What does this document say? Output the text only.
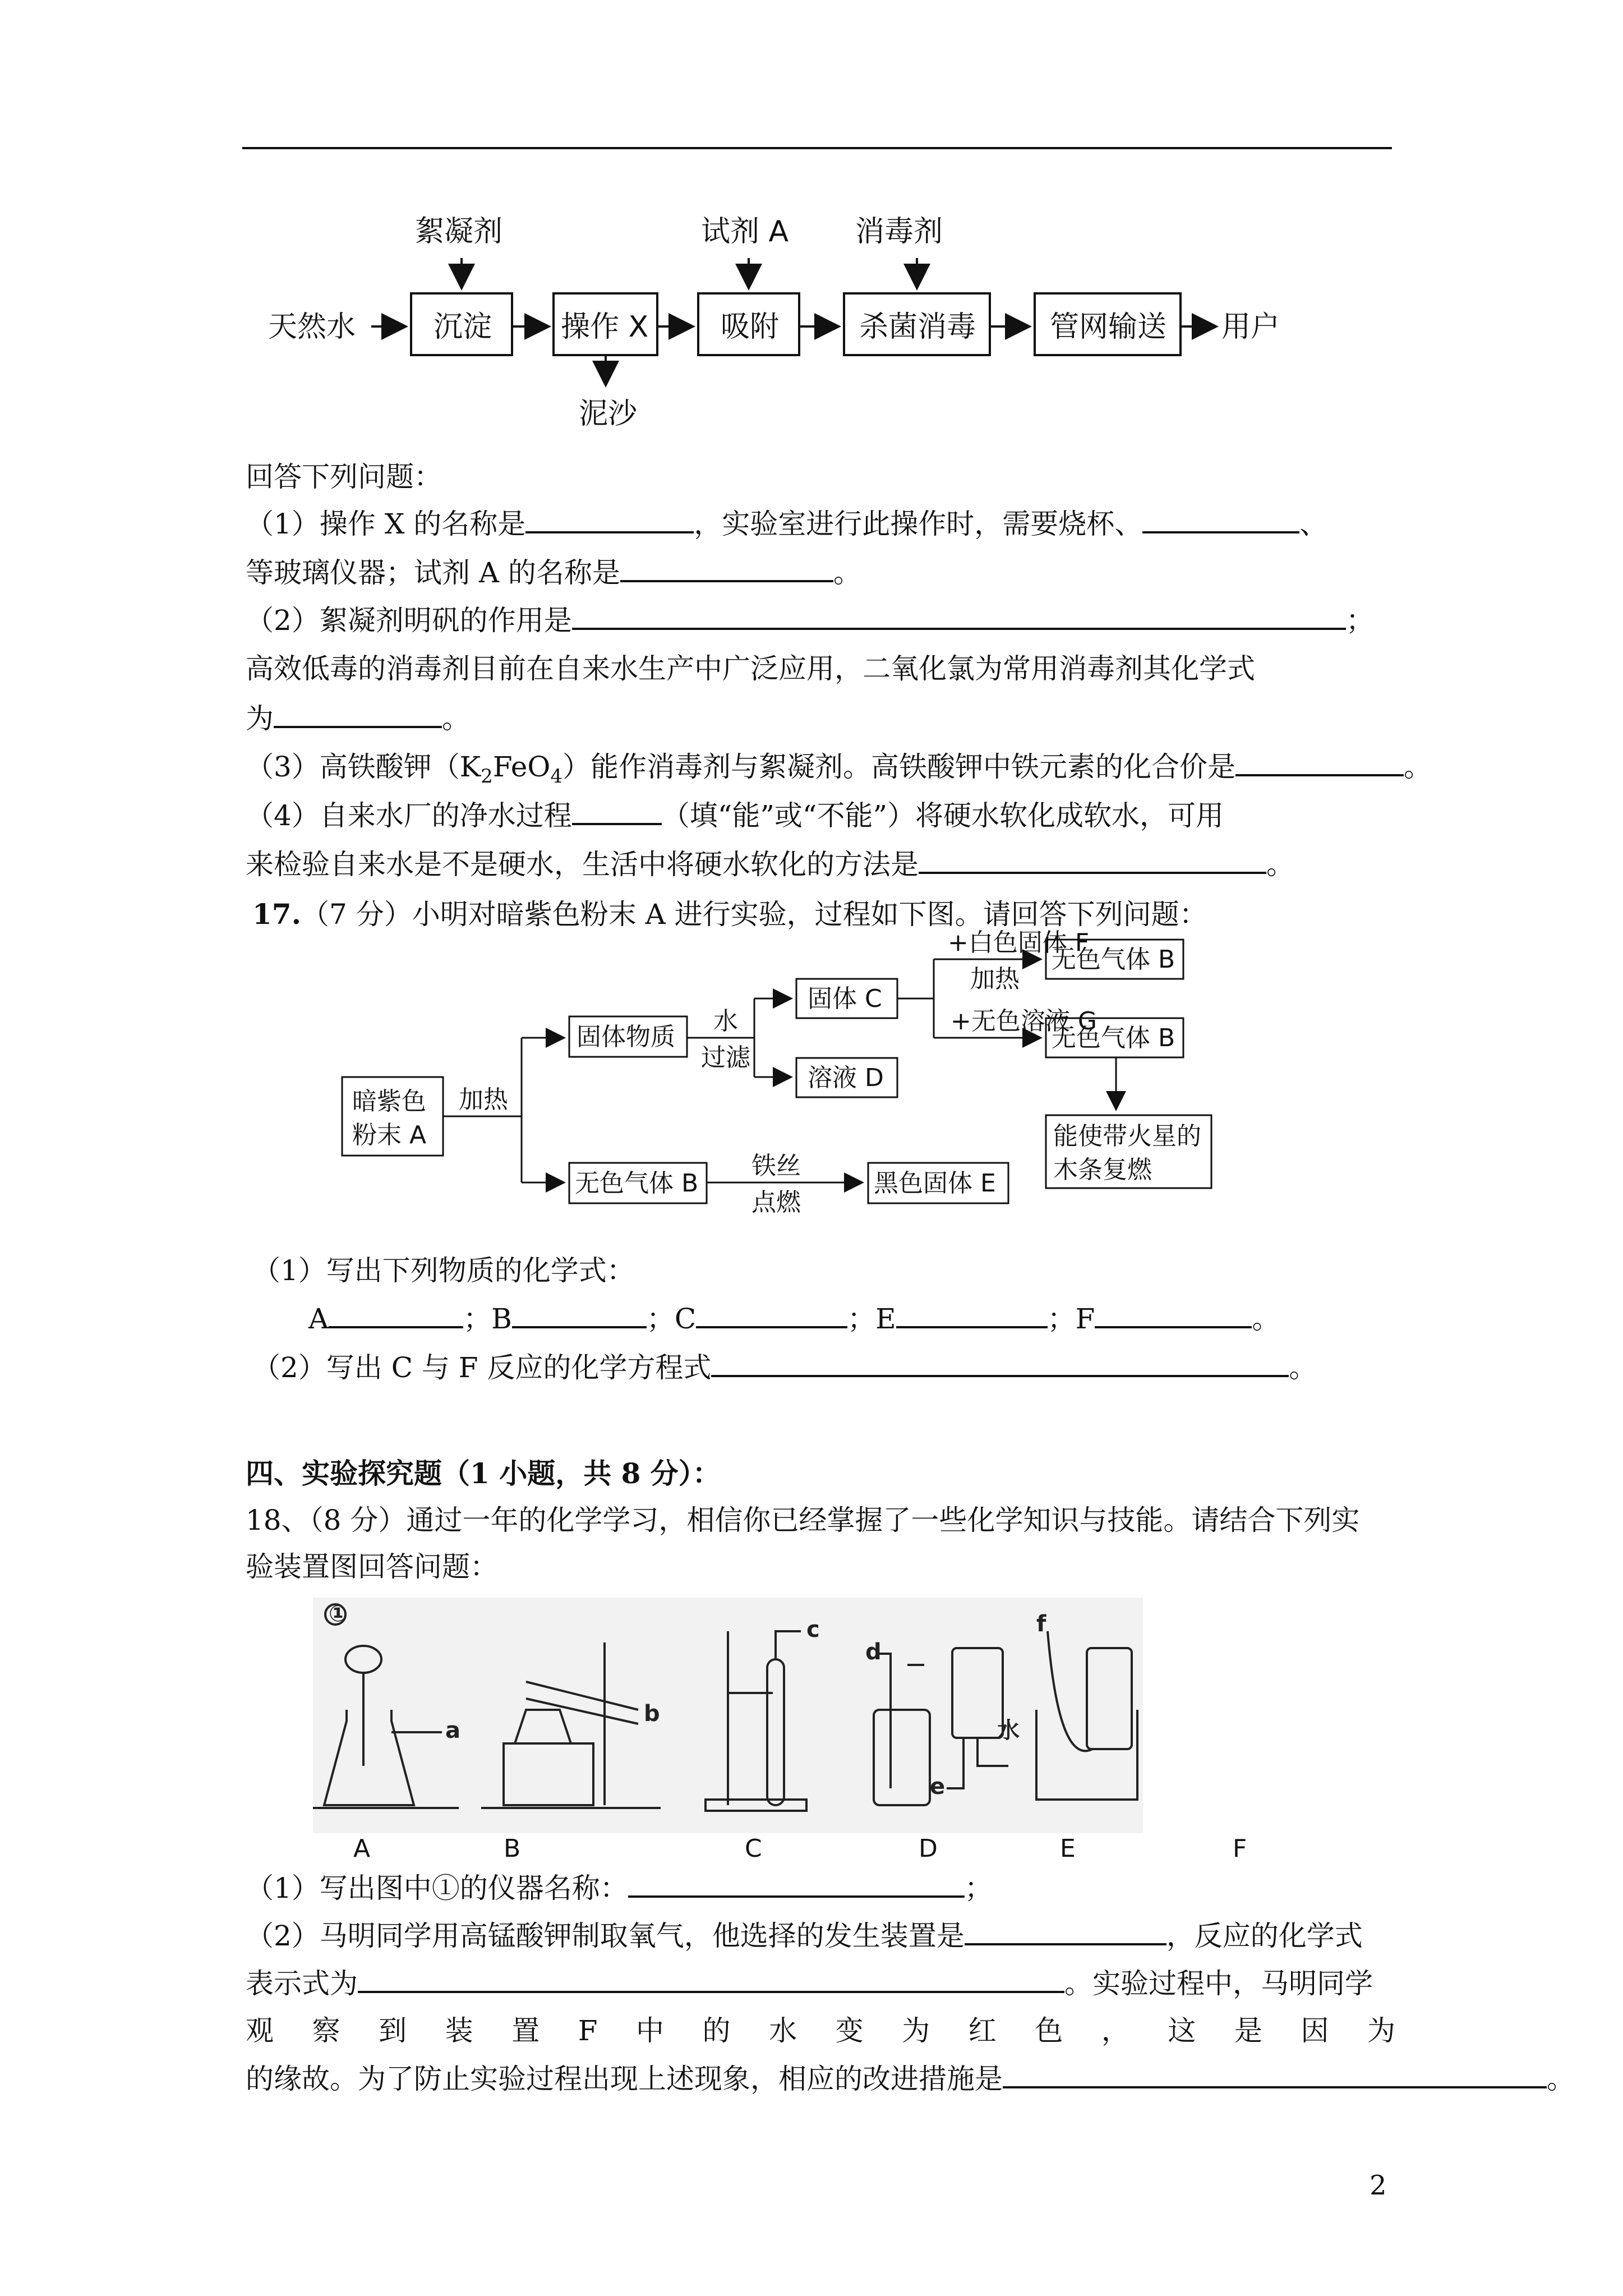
天然水	沉淀
絮凝剂
操作 X
泥沙
吸附
试剂 A
杀菌消毒
消毒剂
管网输送 用户
回答下列问题：
（1）操作 X 的名称是	，实验室进行此操作时，需要烧杯、	、
等玻璃仪器；试剂 A 的名称是	。
（2）絮凝剂明矾的作用是	；
高效低毒的消毒剂目前在自来水生产中广泛应用，二氧化氯为常用消毒剂其化学式
为	。
（3）高铁酸钾$(K_2FeO_4)$能作消毒剂与絮凝剂。高铁酸钾中铁元素的化合价是	。
（4）自来水厂的净水过程	（填“能”或“不能”）将硬水软化成软水，可用
来检验自来水是不是硬水，生活中将硬水软化的方法是	。
17.（7 分）小明对暗紫色粉末 A 进行实验，过程如下图。请回答下列问题：
暗紫色
粉末 A
加热
固体物质
水
过滤
固体 C
溶液 D
+白色固体 F
加热
+无色溶液 G
无色气体 B
无色气体 B
能使带火星的
木条复燃
无色气体 B
铁丝
点燃
黑色固体 E
（1）写出下列物质的化学式：
A	；B	；C	；E	；F	。
（2）写出 C 与 F 反应的化学方程式	。
四、实验探究题（1 小题，共 8 分）：
18、（8 分）通过一年的化学学习，相信你已经掌握了一些化学知识与技能。请结合下列实
验装置图回答问题：
①
a
b
c
d
e
f
水
A	B	C	D	E	F
（1）写出图中①的仪器名称：	；
（2）马明同学用高锰酸钾制取氧气，他选择的发生装置是	，反应的化学式
表示式为	。实验过程中，马明同学
观 察 到 装 置 F 中 的 水 变 为 红 色 ， 这 是 因 为
的缘故。为了防止实验过程出现上述现象，相应的改进措施是	。
2
